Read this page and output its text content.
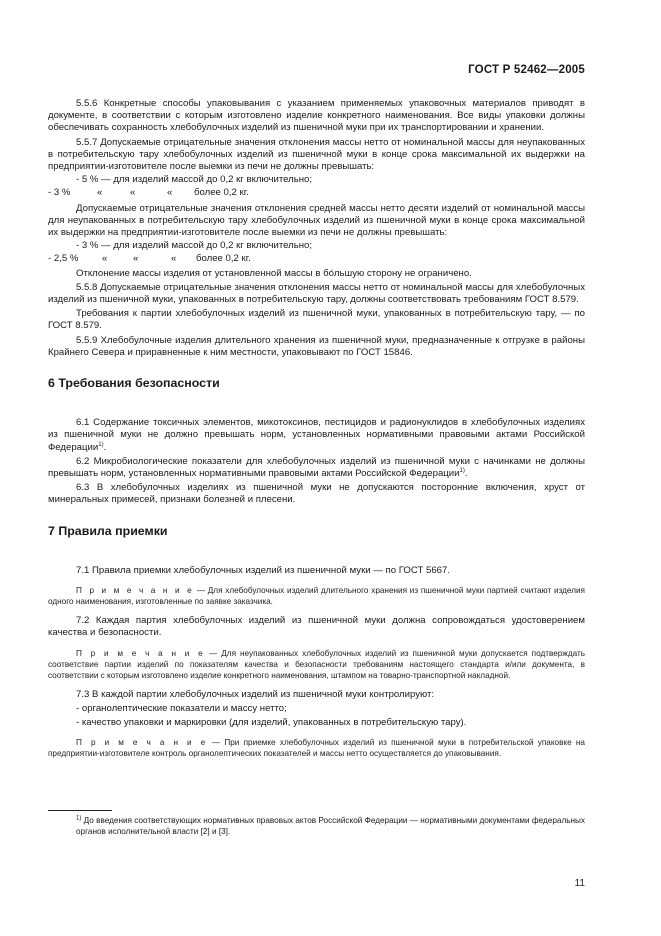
ГОСТ Р 52462—2005

5.5.6 Конкретные способы упаковывания с указанием применяемых упаковочных материалов приводят в документе, в соответствии с которым изготовлено изделие конкретного наименования. Все виды упаковки должны обеспечивать сохранность хлебобулочных изделий из пшеничной муки при их транспортировании и хранении.

5.5.7 Допускаемые отрицательные значения отклонения массы нетто от номинальной массы для неупакованных в потребительскую тару хлебобулочных изделий из пшеничной муки в конце срока максимальной их выдержки на предприятии-изготовителе после выемки из печи не должны превышать:

- 5 % — для изделий массой до 0,2 кг включительно;

- 3 %	«	«	«	более 0,2 кг.

Допускаемые отрицательные значения отклонения средней массы нетто десяти изделий от номинальной массы для неупакованных в потребительскую тару хлебобулочных изделий из пшеничной муки в конце срока максимальной их выдержки на предприятии-изготовителе после выемки из печи не должны превышать:

- 3 % — для изделий массой до 0,2 кг включительно;

- 2,5 %	«	«	«	более 0,2 кг.

Отклонение массы изделия от установленной массы в бóльшую сторону не ограничено.

5.5.8 Допускаемые отрицательные значения отклонения массы нетто от номинальной массы для хлебобулочных изделий из пшеничной муки, упакованных в потребительскую тару, должны соответствовать требованиям ГОСТ 8.579.

Требования к партии хлебобулочных изделий из пшеничной муки, упакованных в потребительскую тару, — по ГОСТ 8.579.

5.5.9 Хлебобулочные изделия длительного хранения из пшеничной муки, предназначенные к отгрузке в районы Крайнего Севера и приравненные к ним местности, упаковывают по ГОСТ 15846.

6 Требования безопасности

6.1 Содержание токсичных элементов, микотоксинов, пестицидов и радионуклидов в хлебобулочных изделиях из пшеничной муки не должно превышать норм, установленных нормативными правовыми актами Российской Федерации$^{1)}$.

6.2 Микробиологические показатели для хлебобулочных изделий из пшеничной муки с начинками не должны превышать норм, установленных нормативными правовыми актами Российской Федерации$^{1)}$.

6.3 В хлебобулочных изделиях из пшеничной муки не допускаются посторонние включения, хруст от минеральных примесей, признаки болезней и плесени.

7 Правила приемки

7.1 Правила приемки хлебобулочных изделий из пшеничной муки — по ГОСТ 5667.

П р и м е ч а н и е — Для хлебобулочных изделий длительного хранения из пшеничной муки партией считают изделия одного наименования, изготовленные по заявке заказчика.

7.2 Каждая партия хлебобулочных изделий из пшеничной муки должна сопровождаться удостоверением качества и безопасности.

П р и м е ч а н и е — Для неупакованных хлебобулочных изделий из пшеничной муки допускается подтверждать соответствие партии изделий по показателям качества и безопасности требованиям настоящего стандарта и/или документа, в соответствии с которым изготовлено изделие конкретного наименования, штампом на товарно-транспортной накладной.

7.3 В каждой партии хлебобулочных изделий из пшеничной муки контролируют:

- органолептические показатели и массу нетто;

- качество упаковки и маркировки (для изделий, упакованных в потребительскую тару).

П р и м е ч а н и е — При приемке хлебобулочных изделий из пшеничной муки в потребительской упаковке на предприятии-изготовителе контроль органолептических показателей и массы нетто осуществляется до упаковывания.

$^{1)}$ До введения соответствующих нормативных правовых актов Российской Федерации — нормативными документами федеральных органов исполнительной власти [2] и [3].
11
